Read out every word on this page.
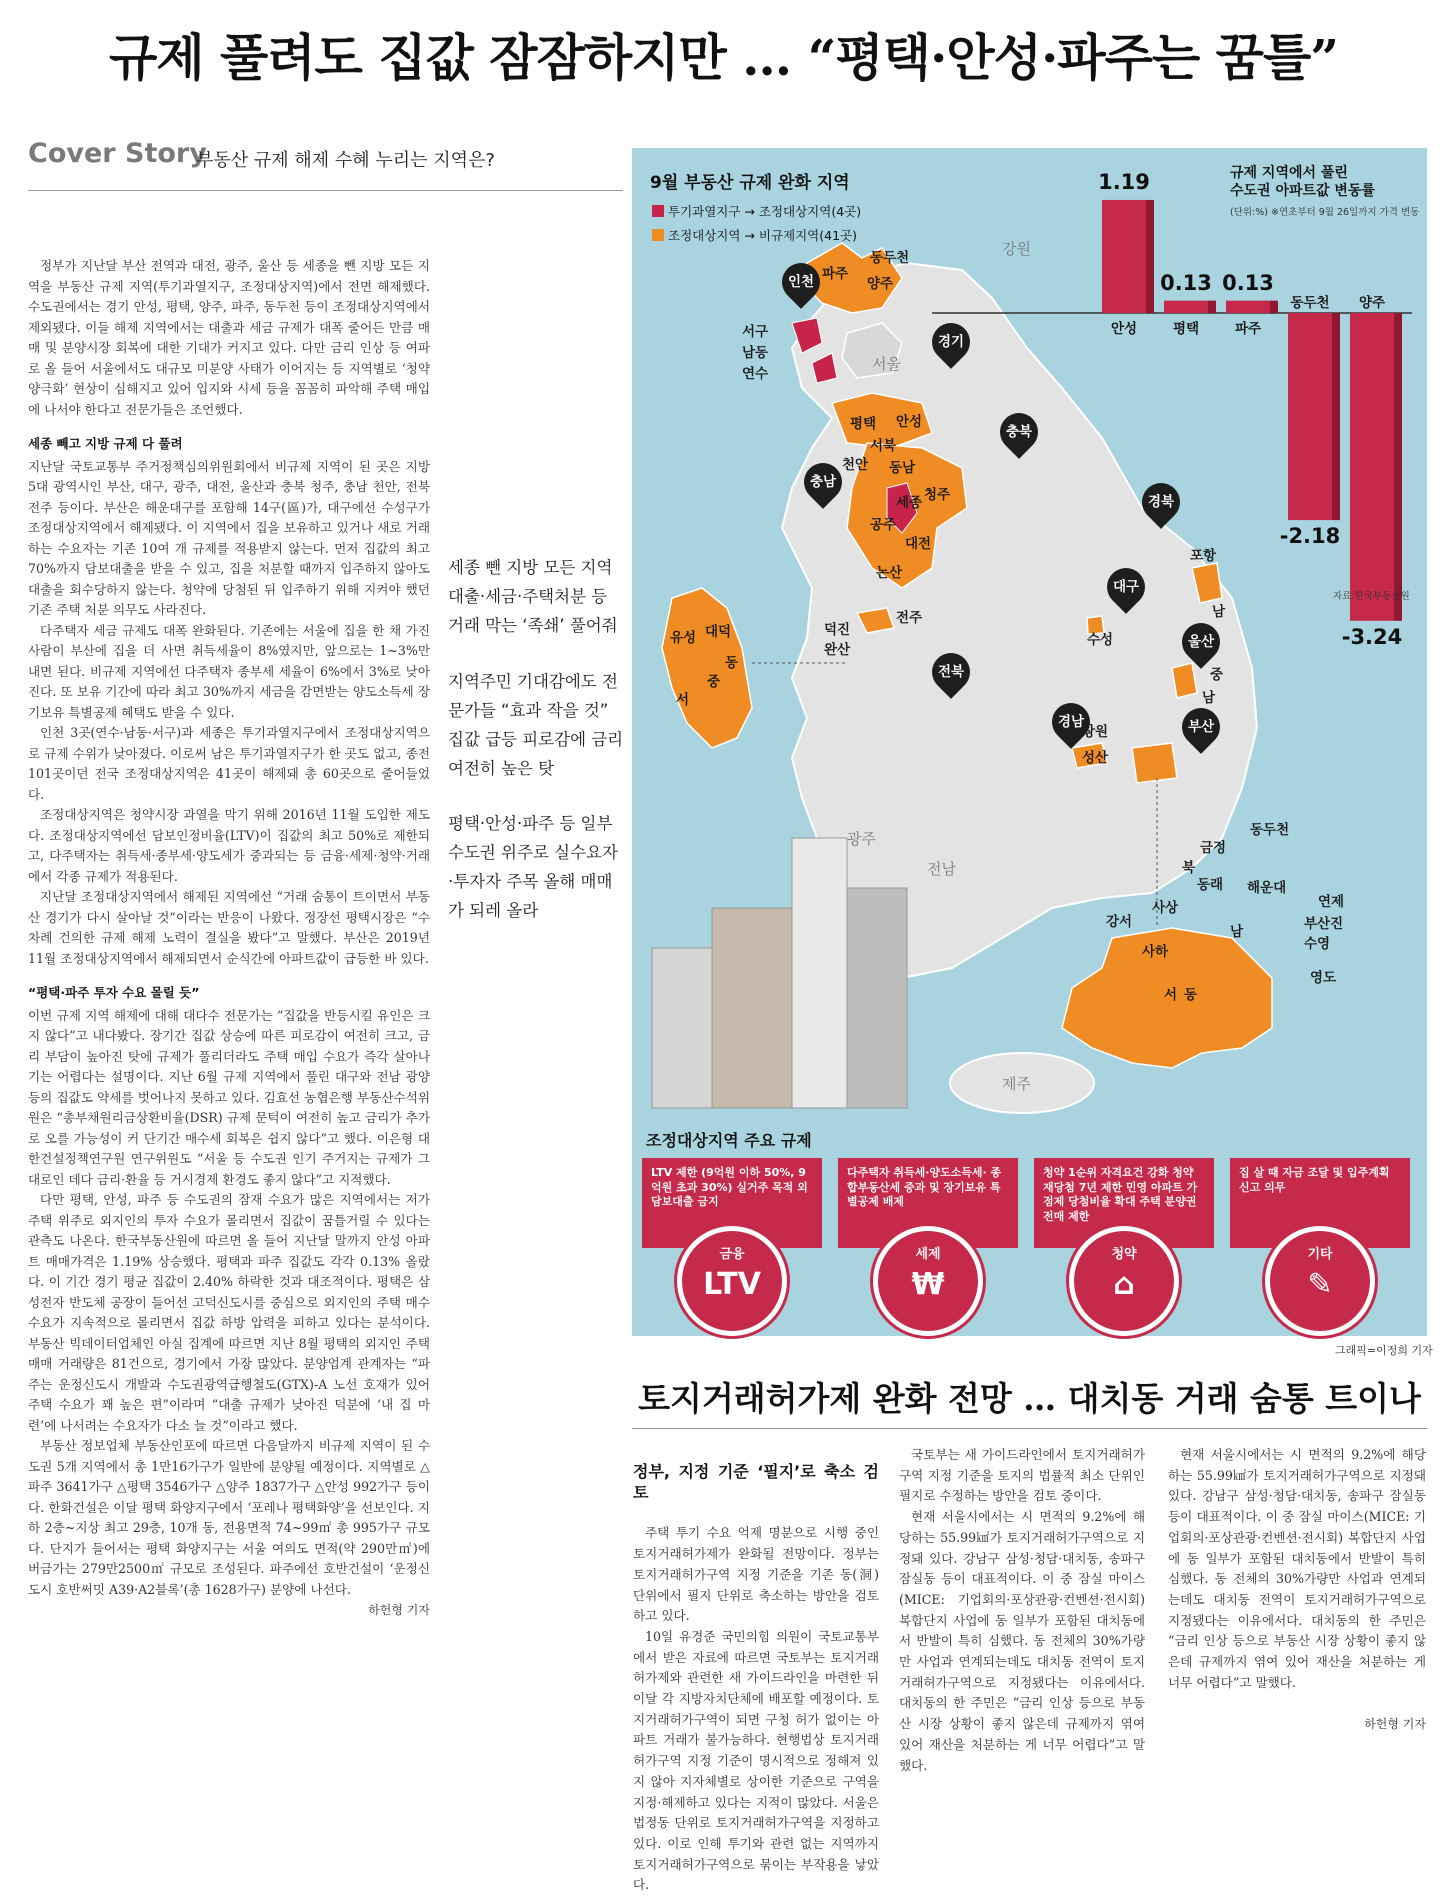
규제 풀려도 집값 잠잠하지만 … “평택·안성·파주는 꿈틀”
Cover Story
부동산 규제 해제 수혜 누리는 지역은?

정부가 지난달 부산 전역과 대전, 광주, 울산 등 세종을 뺀 지방 모든 지역을 부동산 규제 지역(투기과열지구, 조정대상지역)에서 전면 해제했다. 수도권에서는 경기 안성, 평택, 양주, 파주, 동두천 등이 조정대상지역에서 제외됐다. 이들 해제 지역에서는 대출과 세금 규제가 대폭 줄어든 만큼 매매 및 분양시장 회복에 대한 기대가 커지고 있다. 다만 금리 인상 등 여파로 올 들어 서울에서도 대규모 미분양 사태가 이어지는 등 지역별로 ‘청약 양극화’ 현상이 심해지고 있어 입지와 시세 등을 꼼꼼히 파악해 주택 매입에 나서야 한다고 전문가들은 조언했다.

세종 빼고 지방 규제 다 풀려

지난달 국토교통부 주거정책심의위원회에서 비규제 지역이 된 곳은 지방 5대 광역시인 부산, 대구, 광주, 대전, 울산과 충북 청주, 충남 천안, 전북 전주 등이다. 부산은 해운대구를 포함해 14구(區)가, 대구에선 수성구가 조정대상지역에서 해제됐다. 이 지역에서 집을 보유하고 있거나 새로 거래하는 수요자는 기존 10여 개 규제를 적용받지 않는다. 먼저 집값의 최고 70%까지 담보대출을 받을 수 있고, 집을 처분할 때까지 입주하지 않아도 대출을 회수당하지 않는다. 청약에 당첨된 뒤 입주하기 위해 지켜야 했던 기존 주택 처분 의무도 사라진다.

다주택자 세금 규제도 대폭 완화된다. 기존에는 서울에 집을 한 채 가진 사람이 부산에 집을 더 사면 취득세율이 8%였지만, 앞으로는 1~3%만 내면 된다. 비규제 지역에선 다주택자 종부세 세율이 6%에서 3%로 낮아진다. 또 보유 기간에 따라 최고 30%까지 세금을 감면받는 양도소득세 장기보유 특별공제 혜택도 받을 수 있다.

인천 3곳(연수·남동·서구)과 세종은 투기과열지구에서 조정대상지역으로 규제 수위가 낮아졌다. 이로써 남은 투기과열지구가 한 곳도 없고, 종전 101곳이던 전국 조정대상지역은 41곳이 해제돼 총 60곳으로 줄어들었다.

조정대상지역은 청약시장 과열을 막기 위해 2016년 11월 도입한 제도다. 조정대상지역에선 담보인정비율(LTV)이 집값의 최고 50%로 제한되고, 다주택자는 취득세·종부세·양도세가 중과되는 등 금융·세제·청약·거래에서 각종 규제가 적용된다.

지난달 조정대상지역에서 해제된 지역에선 “거래 숨통이 트이면서 부동산 경기가 다시 살아날 것”이라는 반응이 나왔다. 정장선 평택시장은 “수차례 건의한 규제 해제 노력이 결실을 봤다”고 말했다. 부산은 2019년 11월 조정대상지역에서 해제되면서 순식간에 아파트값이 급등한 바 있다.

“평택·파주 투자 수요 몰릴 듯”

이번 규제 지역 해제에 대해 대다수 전문가는 “집값을 반등시킬 유인은 크지 않다”고 내다봤다. 장기간 집값 상승에 따른 피로감이 여전히 크고, 금리 부담이 높아진 탓에 규제가 풀리더라도 주택 매입 수요가 즉각 살아나기는 어렵다는 설명이다. 지난 6월 규제 지역에서 풀린 대구와 전남 광양 등의 집값도 약세를 벗어나지 못하고 있다. 김효선 농협은행 부동산수석위원은 “총부채원리금상환비율(DSR) 규제 문턱이 여전히 높고 금리가 추가로 오를 가능성이 커 단기간 매수세 회복은 쉽지 않다”고 했다. 이은형 대한건설정책연구원 연구위원도 “서울 등 수도권 인기 주거지는 규제가 그대로인 데다 금리·환율 등 거시경제 환경도 좋지 않다”고 지적했다.

다만 평택, 안성, 파주 등 수도권의 잠재 수요가 많은 지역에서는 저가 주택 위주로 외지인의 투자 수요가 몰리면서 집값이 꿈틀거릴 수 있다는 관측도 나온다. 한국부동산원에 따르면 올 들어 지난달 말까지 안성 아파트 매매가격은 1.19% 상승했다. 평택과 파주 집값도 각각 0.13% 올랐다. 이 기간 경기 평균 집값이 2.40% 하락한 것과 대조적이다. 평택은 삼성전자 반도체 공장이 들어선 고덕신도시를 중심으로 외지인의 주택 매수 수요가 지속적으로 몰리면서 집값 하방 압력을 피하고 있다는 분석이다. 부동산 빅데이터업체인 아실 집계에 따르면 지난 8월 평택의 외지인 주택 매매 거래량은 81건으로, 경기에서 가장 많았다. 분양업계 관계자는 “파주는 운정신도시 개발과 수도권광역급행철도(GTX)-A 노선 호재가 있어 주택 수요가 꽤 높은 편”이라며 “대출 규제가 낮아진 덕분에 ‘내 집 마련’에 나서려는 수요자가 다소 늘 것”이라고 했다.

부동산 정보업체 부동산인포에 따르면 다음달까지 비규제 지역이 된 수도권 5개 지역에서 총 1만16가구가 일반에 분양될 예정이다. 지역별로 △파주 3641가구 △평택 3546가구 △양주 1837가구 △안성 992가구 등이다. 한화건설은 이달 평택 화양지구에서 ‘포레나 평택화양’을 선보인다. 지하 2층~지상 최고 29층, 10개 동, 전용면적 74~99㎡ 총 995가구 규모다. 단지가 들어서는 평택 화양지구는 서울 여의도 면적(약 290만㎡)에 버금가는 279만2500㎡ 규모로 조성된다. 파주에선 호반건설이 ‘운정신도시 호반써밋 A39·A2블록’(총 1628가구) 분양에 나선다.

하헌형 기자
세종 뺀 지방 모든 지역 대출·세금·주택처분 등 거래 막는 ‘족쇄’ 풀어줘
지역주민 기대감에도 전문가들 “효과 작을 것” 집값 급등 피로감에 금리 여전히 높은 탓
평택·안성·파주 등 일부 수도권 위주로 실수요자·투자자 주목 올해 매매가 되레 올라
9월 부동산 규제 완화 지역
투기과열지구 → 조정대상지역(4곳)
조정대상지역 → 비규제지역(41곳)
강원
서울
전남
광주
제주
인천
경기
충북
충남
경북
대구
울산
전북
경남	부산
동두천
파주
양주
서구
남동
연수
평택 안성
서북
천안 동남
청주
세종
공주
대전
논산
유성 대덕
동
중
서
덕진
완산
전주
수성
포항
남
중
남
창원
성산
동두천
금정
북
동래 해운대
사상	연제
부산진
강서
남
수영
사하
영도
서 동
규제 지역에서 풀린
수도권 아파트값 변동률
(단위:%) ※연초부터 9월 26일까지 가격 변동
자료:한국부동산원
1.19
안성
0.13
평택
0.13
파주
-2.18
동두천
-3.24
양주
조정대상지역 주요 규제
LTV 제한 (9억원 이하 50%, 9억원 초과 30%) 실거주 목적 외 담보대출 금지
금융
LTV
다주택자 취득세·양도소득세· 종합부동산세 중과 및 장기보유 특별공제 배제
세제
₩
청약 1순위 자격요건 강화 청약 재당첨 7년 제한 민영 아파트 가점제 당첨비율 확대 주택 분양권 전매 제한
청약
⌂
집 살 때 자금 조달 및 입주계획 신고 의무
기타
✎
그래픽=이정희 기자
토지거래허가제 완화 전망 … 대치동 거래 숨통 트이나
정부, 지정 기준 ‘필지’로 축소 검토

주택 투기 수요 억제 명분으로 시행 중인 토지거래허가제가 완화될 전망이다. 정부는 토지거래허가구역 지정 기준을 기존 동(洞) 단위에서 필지 단위로 축소하는 방안을 검토하고 있다.

10일 유경준 국민의힘 의원이 국토교통부에서 받은 자료에 따르면 국토부는 토지거래허가제와 관련한 새 가이드라인을 마련한 뒤 이달 각 지방자치단체에 배포할 예정이다. 토지거래허가구역이 되면 구청 허가 없이는 아파트 거래가 불가능하다. 현행법상 토지거래허가구역 지정 기준이 명시적으로 정해져 있지 않아 지자체별로 상이한 기준으로 구역을 지정·해제하고 있다는 지적이 많았다. 서울은 법정동 단위로 토지거래허가구역을 지정하고 있다. 이로 인해 투기와 관련 없는 지역까지 토지거래허가구역으로 묶이는 부작용을 낳았다.

국토부는 새 가이드라인에서 토지거래허가구역 지정 기준을 토지의 법률적 최소 단위인 필지로 수정하는 방안을 검토 중이다.

현재 서울시에서는 시 면적의 9.2%에 해당하는 55.99㎢가 토지거래허가구역으로 지정돼 있다. 강남구 삼성·청담·대치동, 송파구 잠실동 등이 대표적이다. 이 중 잠실 마이스(MICE: 기업회의·포상관광·컨벤션·전시회) 복합단지 사업에 동 일부가 포함된 대치동에서 반발이 특히 심했다. 동 전체의 30%가량만 사업과 연계되는데도 대치동 전역이 토지거래허가구역으로 지정됐다는 이유에서다. 대치동의 한 주민은 “금리 인상 등으로 부동산 시장 상황이 좋지 않은데 규제까지 엮여 있어 재산을 처분하는 게 너무 어렵다”고 말했다.

현재 서울시에서는 시 면적의 9.2%에 해당하는 55.99㎢가 토지거래허가구역으로 지정돼 있다. 강남구 삼성·청담·대치동, 송파구 잠실동 등이 대표적이다. 이 중 잠실 마이스(MICE: 기업회의·포상관광·컨벤션·전시회) 복합단지 사업에 동 일부가 포함된 대치동에서 반발이 특히 심했다. 동 전체의 30%가량만 사업과 연계되는데도 대치동 전역이 토지거래허가구역으로 지정됐다는 이유에서다. 대치동의 한 주민은 “금리 인상 등으로 부동산 시장 상황이 좋지 않은데 규제까지 엮여 있어 재산을 처분하는 게 너무 어렵다”고 말했다.

하헌형 기자
